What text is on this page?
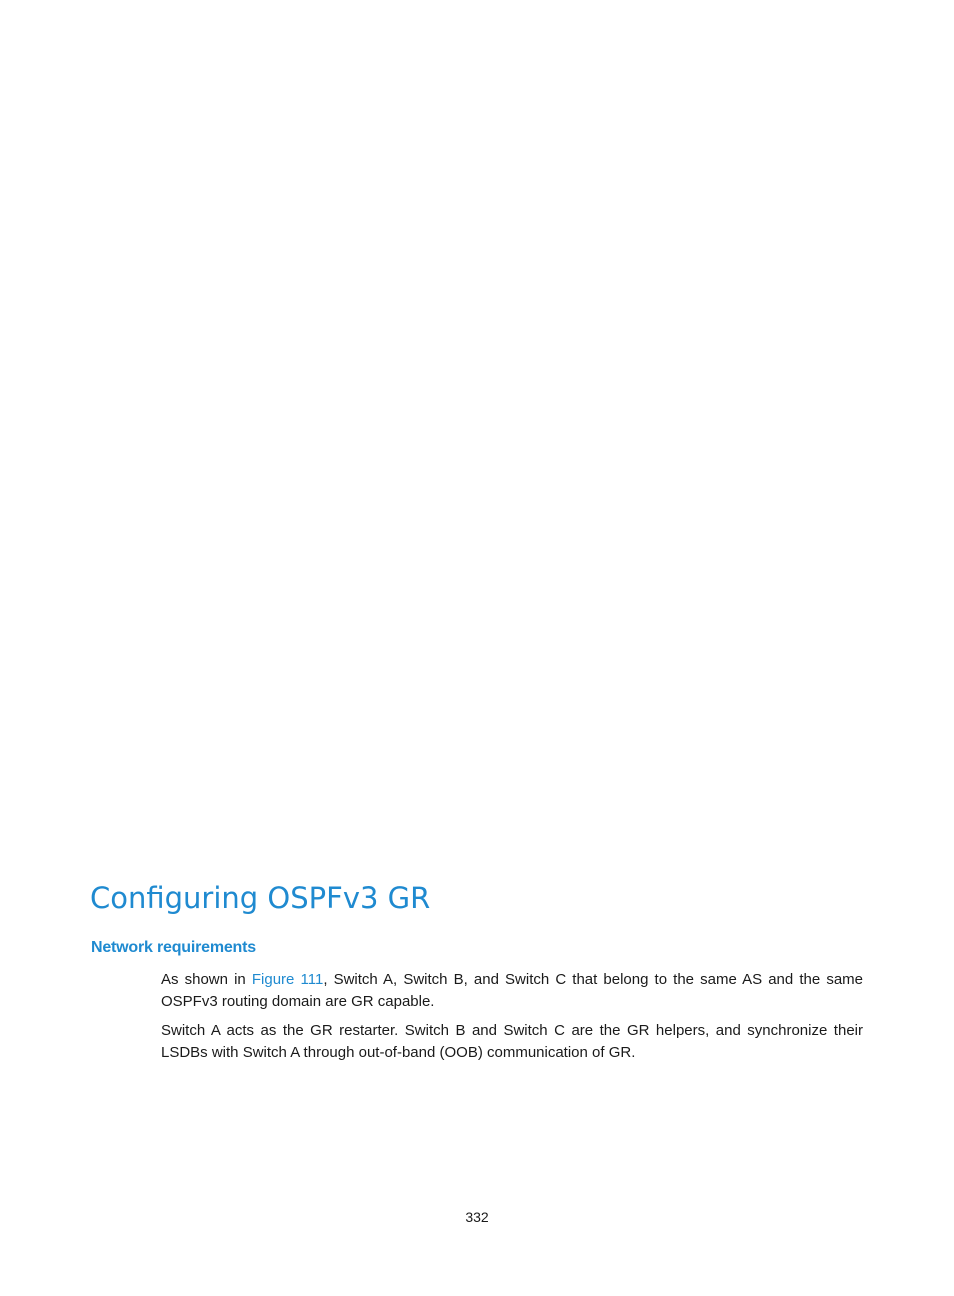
Configuring OSPFv3 GR
Network requirements

As shown in Figure 111, Switch A, Switch B, and Switch C that belong to the same AS and the same OSPFv3 routing domain are GR capable.

Switch A acts as the GR restarter. Switch B and Switch C are the GR helpers, and synchronize their LSDBs with Switch A through out-of-band (OOB) communication of GR.

332
